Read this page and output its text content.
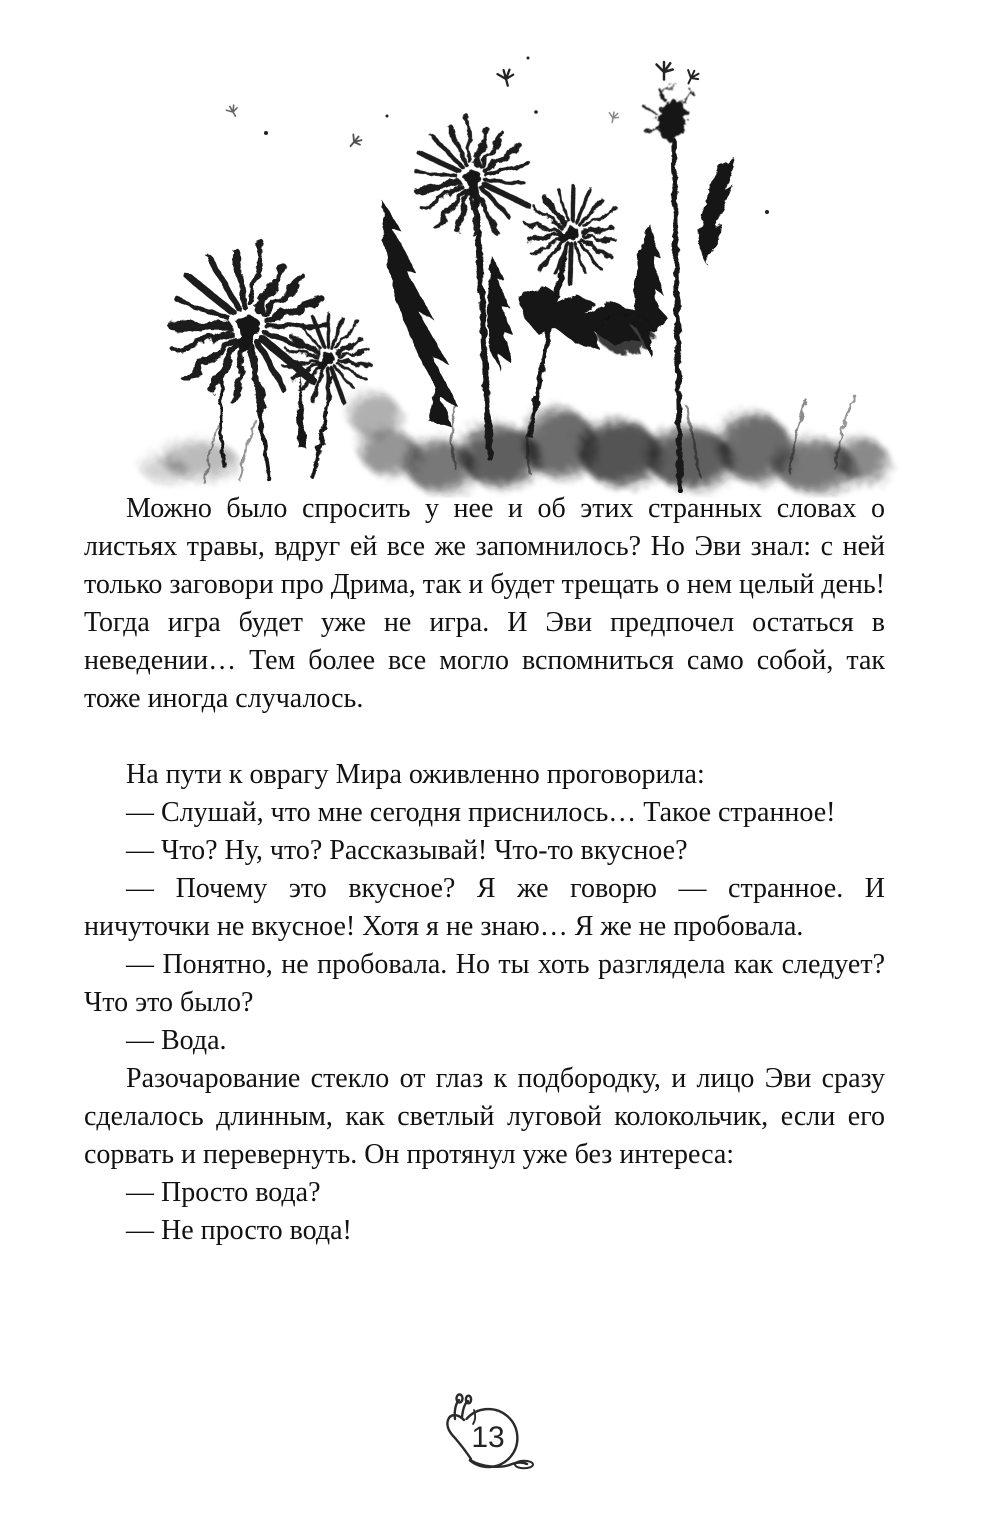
Можно было спросить у нее и об этих странных словах о листьях травы, вдруг ей все же запомнилось? Но Эви знал: с ней только заговори про Дрима, так и будет трещать о нем целый день! Тогда игра будет уже не игра. И Эви предпочел остаться в неведении… Тем более все могло вспомниться само собой, так тоже иногда случалось.

На пути к оврагу Мира оживленно проговорила:

— Слушай, что мне сегодня приснилось… Такое странное!

— Что? Ну, что? Рассказывай! Что-то вкусное?

— Почему это вкусное? Я же говорю — странное. И ничуточки не вкусное! Хотя я не знаю… Я же не пробовала.

— Понятно, не пробовала. Но ты хоть разглядела как следует? Что это было?

— Вода.

Разочарование стекло от глаз к подбородку, и лицо Эви сразу сделалось длинным, как светлый луговой колокольчик, если его сорвать и перевернуть. Он протянул уже без интереса:

— Просто вода?

— Не просто вода!

13
